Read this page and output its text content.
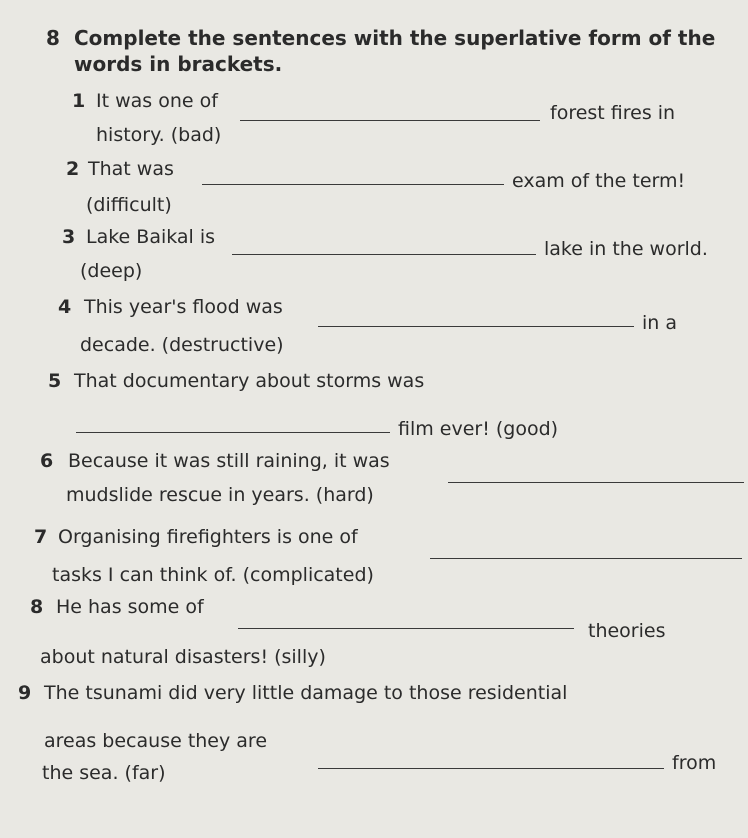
8 Complete the sentences with the superlative form of the
words in brackets.
1 It was one of
forest fires in
history. (bad)
2 That was
exam of the term!
(difficult)
3 Lake Baikal is
lake in the world.
(deep)
4 This year's flood was
in a
decade. (destructive)
5 That documentary about storms was
film ever! (good)
6 Because it was still raining, it was
mudslide rescue in years. (hard)
7 Organising firefighters is one of
tasks I can think of. (complicated)
8 He has some of
theories
about natural disasters! (silly)
9 The tsunami did very little damage to those residential
areas because they are
from
the sea. (far)
